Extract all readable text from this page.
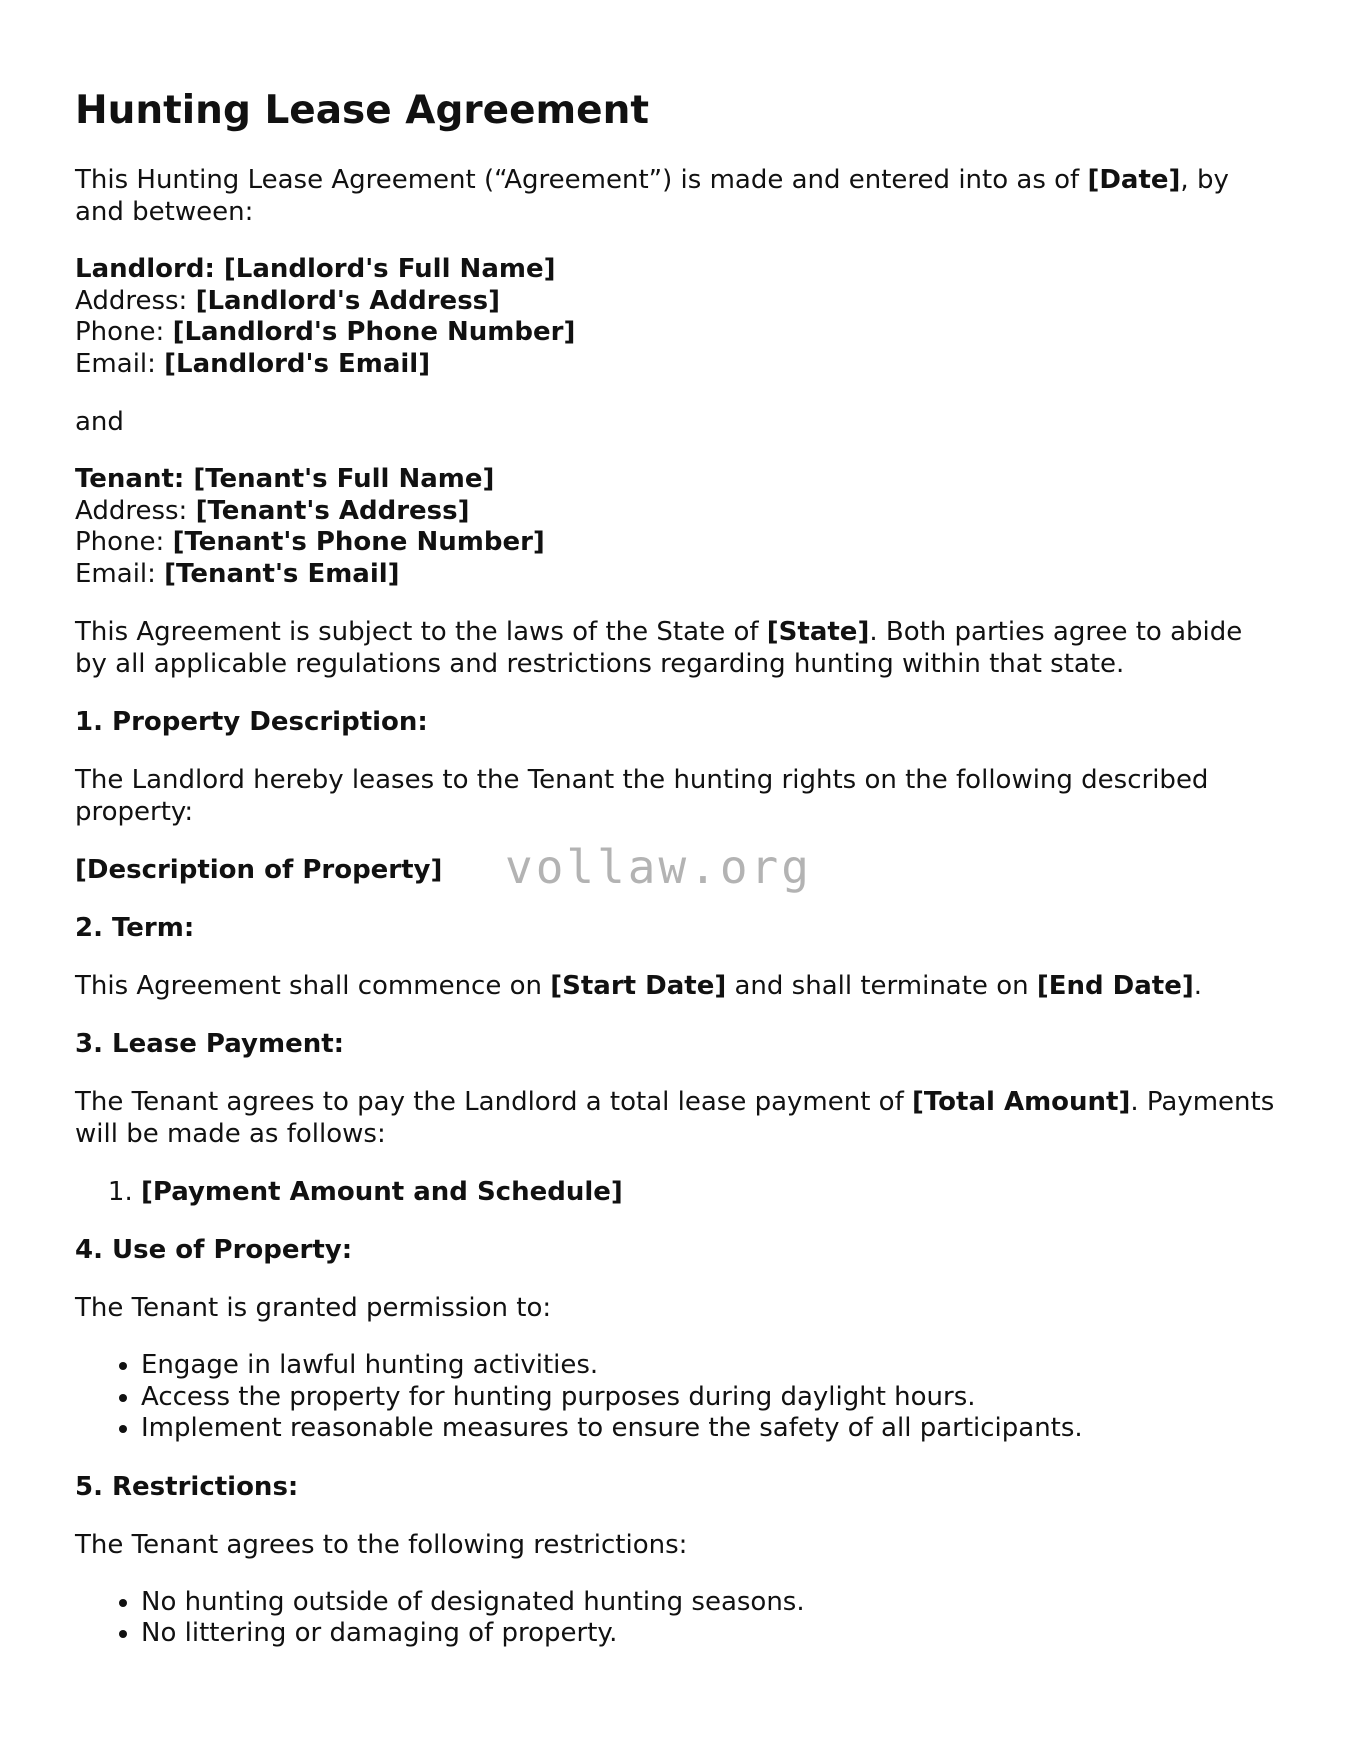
Hunting Lease Agreement

This Hunting Lease Agreement (“Agreement”) is made and entered into as of [Date], by and between:

Landlord: [Landlord's Full Name]
Address: [Landlord's Address]
Phone: [Landlord's Phone Number]
Email: [Landlord's Email]

and

Tenant: [Tenant's Full Name]
Address: [Tenant's Address]
Phone: [Tenant's Phone Number]
Email: [Tenant's Email]

This Agreement is subject to the laws of the State of [State]. Both parties agree to abide by all applicable regulations and restrictions regarding hunting within that state.

1. Property Description:

The Landlord hereby leases to the Tenant the hunting rights on the following described property:

[Description of Property] vollaw.org
2. Term:

This Agreement shall commence on [Start Date] and shall terminate on [End Date].

3. Lease Payment:

The Tenant agrees to pay the Landlord a total lease payment of [Total Amount]. Payments will be made as follows:

1. [Payment Amount and Schedule]
4. Use of Property:

The Tenant is granted permission to:

• Engage in lawful hunting activities.
• Access the property for hunting purposes during daylight hours.
• Implement reasonable measures to ensure the safety of all participants.
5. Restrictions:

The Tenant agrees to the following restrictions:

• No hunting outside of designated hunting seasons.
• No littering or damaging of property.
